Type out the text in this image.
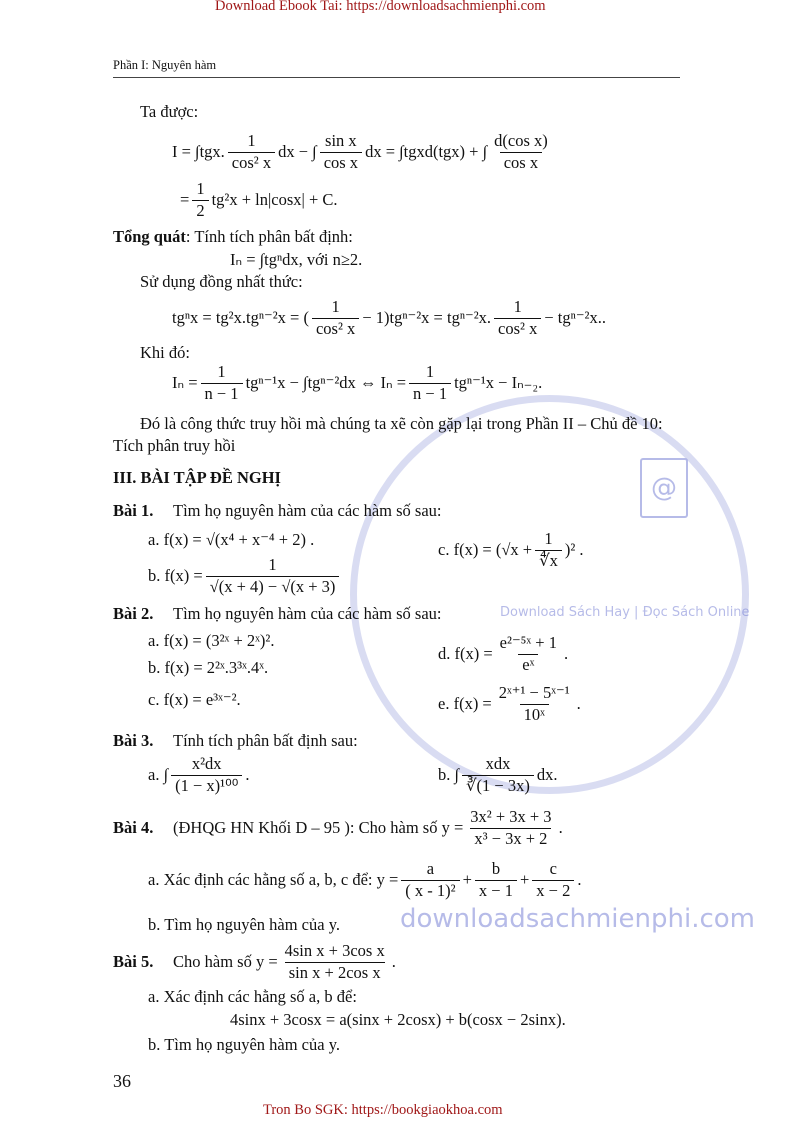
downloadsachmienphi.com
Download Sách Hay | Đọc Sách Online
@
Download Ebook Tai: https://downloadsachmienphi.com
Phần I: Nguyên hàm
Ta được:
I = ∫tgx. $\frac{1}{\text{cos² x}}$ dx − ∫ $\frac{\text{sin x}}{\text{cos x}}$ dx = ∫tgxd(tgx) + ∫ $\frac{\text{d(cos x)}}{\text{cos x}}$
= $\frac{1}{2} tg^2x + \ln|\cos x| + C$.
Tổng quát : Tính tích phân bất định:
Iₙ = ∫tgⁿdx, với n≥2.
Sử dụng đồng nhất thức:
tgⁿx = tg²x.tgⁿ⁻²x = ( $\frac{1}{\text{cos² x}} - 1)tg^{n-2}x = tg^{n-2}x$. $\frac{1}{\text{cos² x}} - tg^{n-2}x$..
Khi đó:
$I_n = \frac{1}{n - 1} tg^{n-1}x - \int tg^{n-2}dx$ ⇔ $I_n = \frac{1}{n - 1} tg^{n-1}x - I_{n-2}$.
Đó là công thức truy hồi mà chúng ta xẽ còn gặp lại trong Phần II – Chủ đề 10:
Tích phân truy hồi
III. BÀI TẬP ĐỀ NGHỊ
Bài 1.	Tìm họ nguyên hàm của các hàm số sau:
a. f(x) = √(x⁴ + x⁻⁴ + 2) .
c. $f(x) = (√x + \frac{1}{∜x} )^2$ .
b. $f(x) = \frac{1}{√(x + 4) - √(x + 3)}$
Bài 2.	Tìm họ nguyên hàm của các hàm số sau:
a. f(x) = (3²ˣ + 2ˣ)².
b. f(x) = 2²ˣ.3³ˣ.4ˣ.
c. f(x) = e³ˣ⁻².
d. $f(x) = \frac{\text{e²⁻⁵ˣ + 1}}{\text{eˣ}}$ .
e. $f(x) = \frac{\text{2ˣ⁺¹ − 5ˣ⁻¹}}{\text{10ˣ}}$ .
Bài 3.	Tính tích phân bất định sau:
a. ∫ $\frac{\text{x²dx}}{\text{(1 − x)¹⁰⁰}}$ .	b. ∫
xdx
∛(1 − 3x)
dx.
Bài 4.	(ĐHQG HN Khối D – 95 ): Cho hàm số $y = \frac{\text{3x² + 3x + 3}}{\text{x³ − 3x + 2}}$ .
a. Xác định các hằng số a, b, c để: $y = \frac{a}{\text{( x - 1)²}} + \frac{b}{x - 1} + \frac{c}{x - 2}$ .
b. Tìm họ nguyên hàm của y.
Bài 5.	Cho hàm số $y = \frac{\text{4sin x + 3cos x}}{\text{sin x + 2cos x}}$ .
a. Xác định các hằng số a, b để:
4sinx + 3cosx = a(sinx + 2cosx) + b(cosx − 2sinx).
b. Tìm họ nguyên hàm của y.
36
Tron Bo SGK: https://bookgiaokhoa.com
